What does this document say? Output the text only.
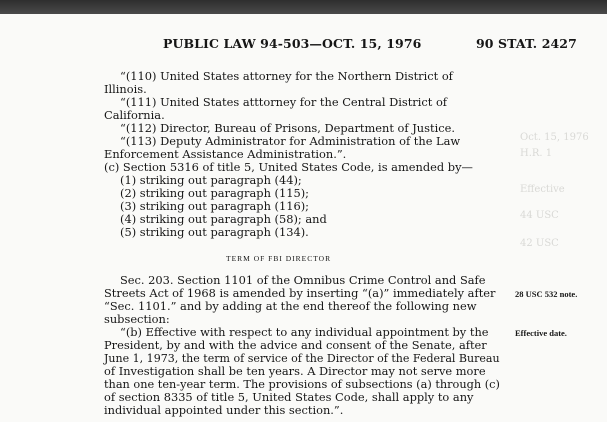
Oct. 15, 1976
H.R. 1
Effective
44 USC
42 USC
PUBLIC LAW 94-503—OCT. 15, 1976	90 STAT. 2427
“(110) United States attorney for the Northern District of
Illinois.
“(111) United States atttorney for the Central District of
California.
“(112) Director, Bureau of Prisons, Department of Justice.
“(113) Deputy Administrator for Administration of the Law
Enforcement Assistance Administration.”.
(c) Section 5316 of title 5, United States Code, is amended by—
(1) striking out paragraph (44);
(2) striking out paragraph (115);
(3) striking out paragraph (116);
(4) striking out paragraph (58); and
(5) striking out paragraph (134).
TERM OF FBI DIRECTOR
Sec. 203. Section 1101 of the Omnibus Crime Control and Safe
Streets Act of 1968 is amended by inserting “(a)” immediately after
“Sec. 1101.” and by adding at the end thereof the following new
subsection:
“(b) Effective with respect to any individual appointment by the
President, by and with the advice and consent of the Senate, after
June 1, 1973, the term of service of the Director of the Federal Bureau
of Investigation shall be ten years. A Director may not serve more
than one ten-year term. The provisions of subsections (a) through (c)
of section 8335 of title 5, United States Code, shall apply to any
individual appointed under this section.”.
28 USC 532 note.
Effective date.
